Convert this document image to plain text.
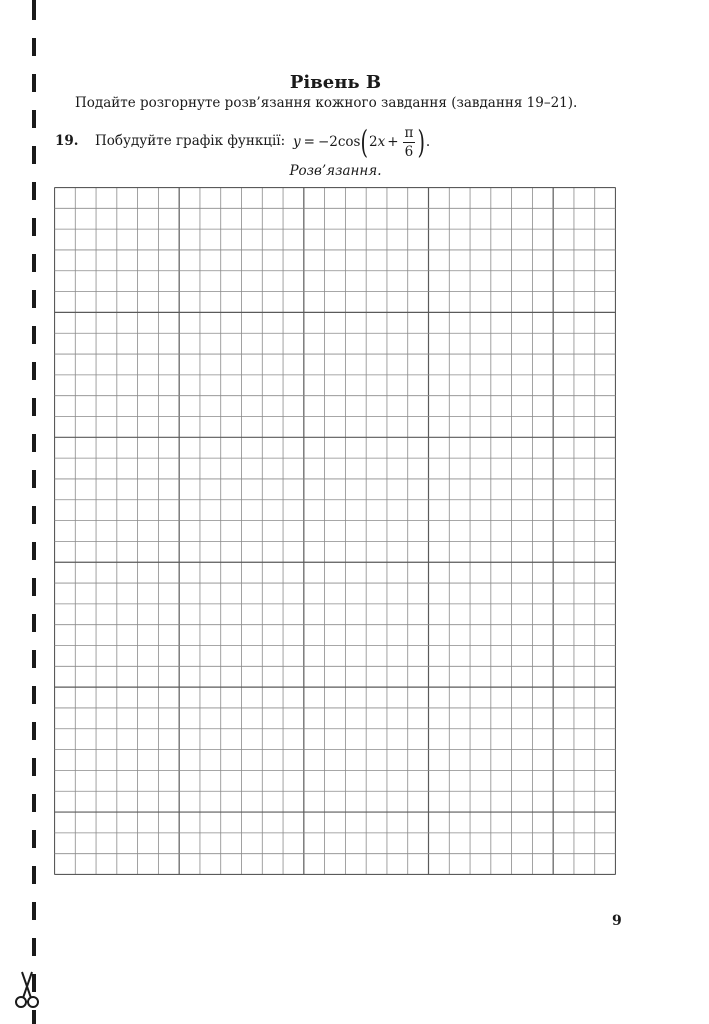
Рівень В
Подайте розгорнуте розв’язання кожного завдання (завдання 19–21).
19. Побудуйте графік функції: y = −2cos ( 2 $x + \frac{\pi}{6}$ ) .
Розв’язання.
9
